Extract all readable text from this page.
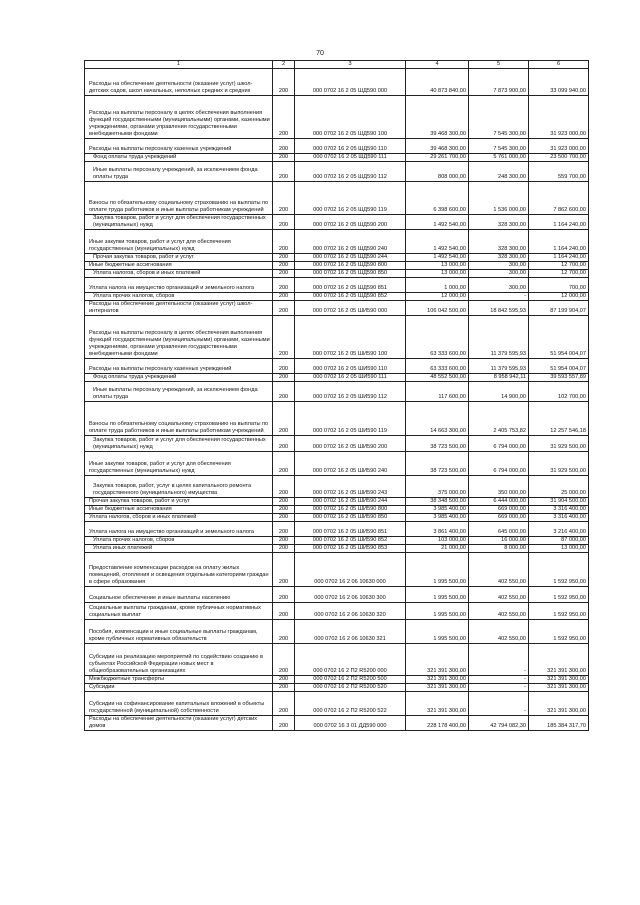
70
1	2	3	4	5	6
Расходы на обеспечение деятельности (оказание услуг) школ-детских садов, школ начальных, неполных средних и средних	200	000 0702 16 2 05 ШД590 000	40 873 840,00	7 873 900,00	33 099 940,00
Расходы на выплаты персоналу в целях обеспечения выполнения функций государственными (муниципальными) органами, казенными учреждениями, органами управления государственными внебюджетными фондами	200	000 0702 16 2 05 ШД590 100	39 468 300,00	7 545 300,00	31 923 000,00
Расходы на выплаты персоналу казенных учреждений	200	000 0702 16 2 05 ШД590 110	39 468 300,00	7 545 300,00	31 923 000,00
Фонд оплаты труда учреждений	200	000 0702 16 2 05 ШД590 111	29 261 700,00	5 761 000,00	23 500 700,00
Иные выплаты персоналу учреждений, за исключением фонда оплаты труда	200	000 0702 16 2 05 ШД590 112	808 000,00	248 300,00	559 700,00
Взносы по обязательному социальному страхованию на выплаты по оплате труда работников и иные выплаты работникам учреждений	200	000 0702 16 2 05 ШД590 119	6 398 600,00	1 536 000,00	7 862 600,00
Закупка товаров, работ и услуг для обеспечения государственных (муниципальных) нужд	200	000 0702 16 2 05 ШД590 200	1 492 540,00	328 300,00	1 164 240,00
Иные закупки товаров, работ и услуг для обеспечения государственных (муниципальных) нужд	200	000 0702 16 2 05 ШД590 240	1 492 540,00	328 300,00	1 164 240,00
Прочая закупка товаров, работ и услуг	200	000 0702 16 2 05 ШД590 244	1 492 540,00	328 300,00	1 164 240,00
Иные бюджетные ассигнования	200	000 0702 16 2 05 ШД590 800	13 000,00	300,00	12 700,00
Уплата налогов, сборов и иных платежей	200	000 0702 16 2 05 ШД590 850	13 000,00	300,00	12 700,00
Уплата налога на имущество организаций и земельного налога	200	000 0702 16 2 05 ШД590 851	1 000,00	300,00	700,00
Уплата прочих налогов, сборов	200	000 0702 16 2 05 ШД590 852	12 000,00	-	12 000,00
Расходы на обеспечение деятельности (оказание услуг) школ-интернатов	200	000 0702 16 2 05 ШИ590 000	106 042 500,00	18 842 595,93	87 199 904,07
Расходы на выплаты персоналу в целях обеспечения выполнения функций государственными (муниципальными) органами, казенными учреждениями, органами управления государственными внебюджетными фондами	200	000 0702 16 2 05 ШИ590 100	63 333 600,00	11 379 595,93	51 954 004,07
Расходы на выплаты персоналу казенных учреждений	200	000 0702 16 2 05 ШИ590 110	63 333 600,00	11 379 595,93	51 954 004,07
Фонд оплаты труда учреждений	200	000 0702 16 2 05 ШИ590 111	48 552 500,00	8 958 942,11	39 593 557,89
Иные выплаты персоналу учреждений, за исключением фонда оплаты труда	200	000 0702 16 2 05 ШИ590 112	117 600,00	14 900,00	102 700,00
Взносы по обязательному социальному страхованию на выплаты по оплате труда работников и иные выплаты работникам учреждений	200	000 0702 16 2 05 ШИ590 119	14 663 300,00	2 405 753,82	12 257 546,18
Закупка товаров, работ и услуг для обеспечения государственных (муниципальных) нужд	200	000 0702 16 2 05 ШИ590 200	38 723 500,00	6 794 000,00	31 929 500,00
Иные закупки товаров, работ и услуг для обеспечения государственных (муниципальных) нужд	200	000 0702 16 2 05 ШИ590 240	38 723 500,00	6 794 000,00	31 929 500,00
Закупка товаров, работ, услуг в целях капитального ремонта государственного (муниципального) имущества	200	000 0702 16 2 05 ШИ590 243	375 000,00	350 000,00	25 000,00
Прочая закупка товаров, работ и услуг	200	000 0702 16 2 05 ШИ590 244	38 348 500,00	6 444 000,00	31 904 500,00
Иные бюджетные ассигнования	200	000 0702 16 2 05 ШИ590 800	3 985 400,00	669 000,00	3 316 400,00
Уплата налогов, сборов и иных платежей	200	000 0702 16 2 05 ШИ590 850	3 985 400,00	669 000,00	3 316 400,00
Уплата налога на имущество организаций и земельного налога	200	000 0702 16 2 05 ШИ590 851	3 861 400,00	645 000,00	3 216 400,00
Уплата прочих налогов, сборов	200	000 0702 16 2 05 ШИ590 852	103 000,00	16 000,00	87 000,00
Уплата иных платежей	200	000 0702 16 2 05 ШИ590 853	21 000,00	8 000,00	13 000,00
Предоставление компенсации расходов на оплату жилых помещений, отопления и освещения отдельным категориям граждан в сфере образования	200	000 0702 16 2 06 10630 000	1 995 500,00	402 550,00	1 592 950,00
Социальное обеспечение и иные выплаты населению	200	000 0702 16 2 06 10630 300	1 995 500,00	402 550,00	1 592 950,00
Социальные выплаты гражданам, кроме публичных нормативных социальных выплат	200	000 0702 16 2 06 10630 320	1 995 500,00	402 550,00	1 592 950,00
Пособия, компенсации и иные социальные выплаты гражданам, кроме публичных нормативных обязательств	200	000 0702 16 2 06 10630 321	1 995 500,00	402 550,00	1 592 950,00
Субсидии на реализацию мероприятий по содействию созданию в субъектах Российской Федерации новых мест в общеобразовательных организациях	200	000 0702 16 2 П2 R5200 000	321 391 300,00	-	321 391 300,00
Межбюджетные трансферты	200	000 0702 16 2 П2 R5200 500	321 391 300,00	-	321 391 300,00
Субсидии	200	000 0702 16 2 П2 R5200 520	321 391 300,00	-	321 391 300,00
Субсидии на софинансирование капитальных вложений в объекты государственной (муниципальной) собственности	200	000 0702 16 2 П2 R5200 522	321 391 300,00	-	321 391 300,00
Расходы на обеспечение деятельности (оказание услуг) детских домов	200	000 0702 16 3 01 ДД590 000	228 178 400,00	42 794 082,30	185 384 317,70
